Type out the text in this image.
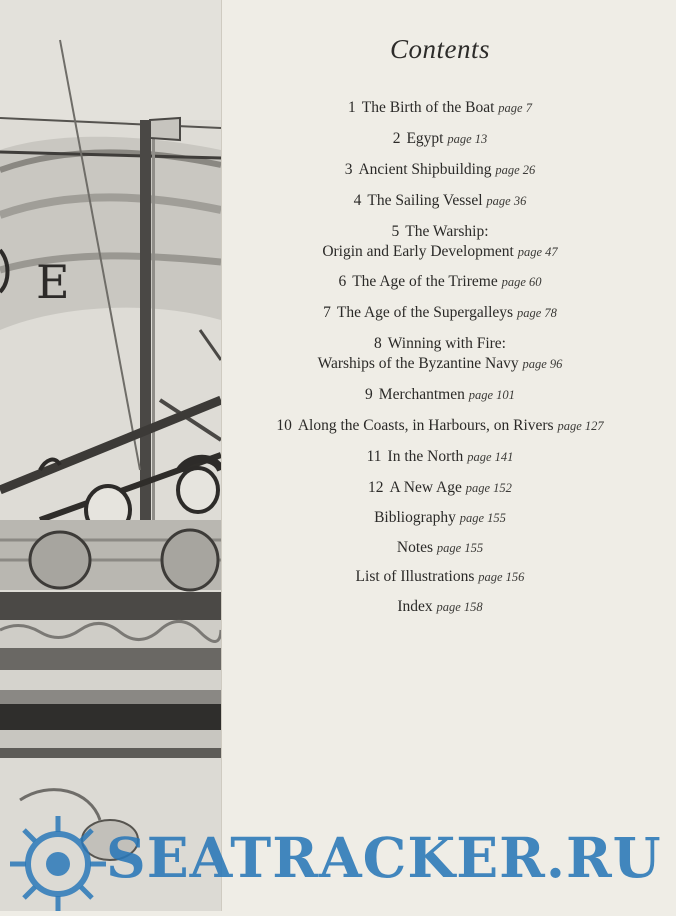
E
Contents
1 The Birth of the Boat page 7
2 Egypt page 13
3 Ancient Shipbuilding page 26
4 The Sailing Vessel page 36
5 The Warship:
Origin and Early Development page 47
6 The Age of the Trireme page 60
7 The Age of the Supergalleys page 78
8 Winning with Fire:
Warships of the Byzantine Navy page 96
9 Merchantmen page 101
10 Along the Coasts, in Harbours, on Rivers page 127
11 In the North page 141
12 A New Age page 152
Bibliography page 155
Notes page 155
List of Illustrations page 156
Index page 158
SEATRACKER.RU
